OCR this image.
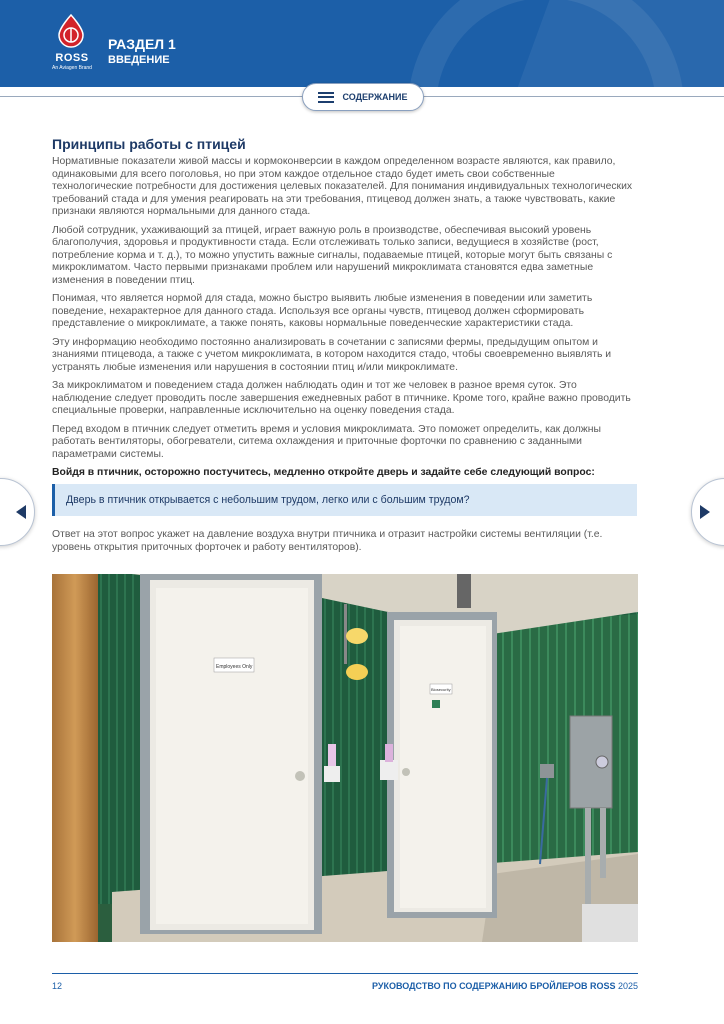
ROSS
An Aviagen Brand
РАЗДЕЛ 1
ВВЕДЕНИЕ
СОДЕРЖАНИЕ
Принципы работы с птицей

Нормативные показатели живой массы и кормоконверсии в каждом определенном возрасте являются, как правило, одинаковыми для всего поголовья, но при этом каждое отдельное стадо будет иметь свои собственные технологические потребности для достижения целевых показателей. Для понимания индивидуальных технологических требований стада и для умения реагировать на эти требования, птицевод должен знать, а также чувствовать, какие признаки являются нормальными для данного стада.

Любой сотрудник, ухаживающий за птицей, играет важную роль в производстве, обеспечивая высокий уровень благополучия, здоровья и продуктивности стада. Если отслеживать только записи, ведущиеся в хозяйстве (рост, потребление корма и т. д.), то можно упустить важные сигналы, подаваемые птицей, которые могут быть связаны с микроклиматом. Часто первыми признаками проблем или нарушений микроклимата становятся едва заметные изменения в поведении птиц.

Понимая, что является нормой для стада, можно быстро выявить любые изменения в поведении или заметить поведение, нехарактерное для данного стада. Используя все органы чувств, птицевод должен сформировать представление о микроклимате, а также понять, каковы нормальные поведенческие характеристики стада.

Эту информацию необходимо постоянно анализировать в сочетании с записями фермы, предыдущим опытом и знаниями птицевода, а также с учетом микроклимата, в котором находится стадо, чтобы своевременно выявлять и устранять любые изменения или нарушения в состоянии птиц и/или микроклимате.

За микроклиматом и поведением стада должен наблюдать один и тот же человек в разное время суток. Это наблюдение следует проводить после завершения ежедневных работ в птичнике. Кроме того, крайне важно проводить специальные проверки, направленные исключительно на оценку поведения стада.

Перед входом в птичник следует отметить время и условия микроклимата. Это поможет определить, как должны работать вентиляторы, обогреватели, ситема охлаждения и приточные форточки по сравнению с заданными параметрами системы.

Войдя в птичник, осторожно постучитесь, медленно откройте дверь и задайте себе следующий вопрос:

Дверь в птичник открывается с небольшим трудом, легко или с большим трудом?

Ответ на этот вопрос укажет на давление воздуха внутри птичника и отразит настройки системы вентиляции (т.е. уровень открытия приточных форточек и работу вентиляторов).

Employees Only
Biosecurity
12	РУКОВОДСТВО ПО СОДЕРЖАНИЮ БРОЙЛЕРОВ ROSS 2025
